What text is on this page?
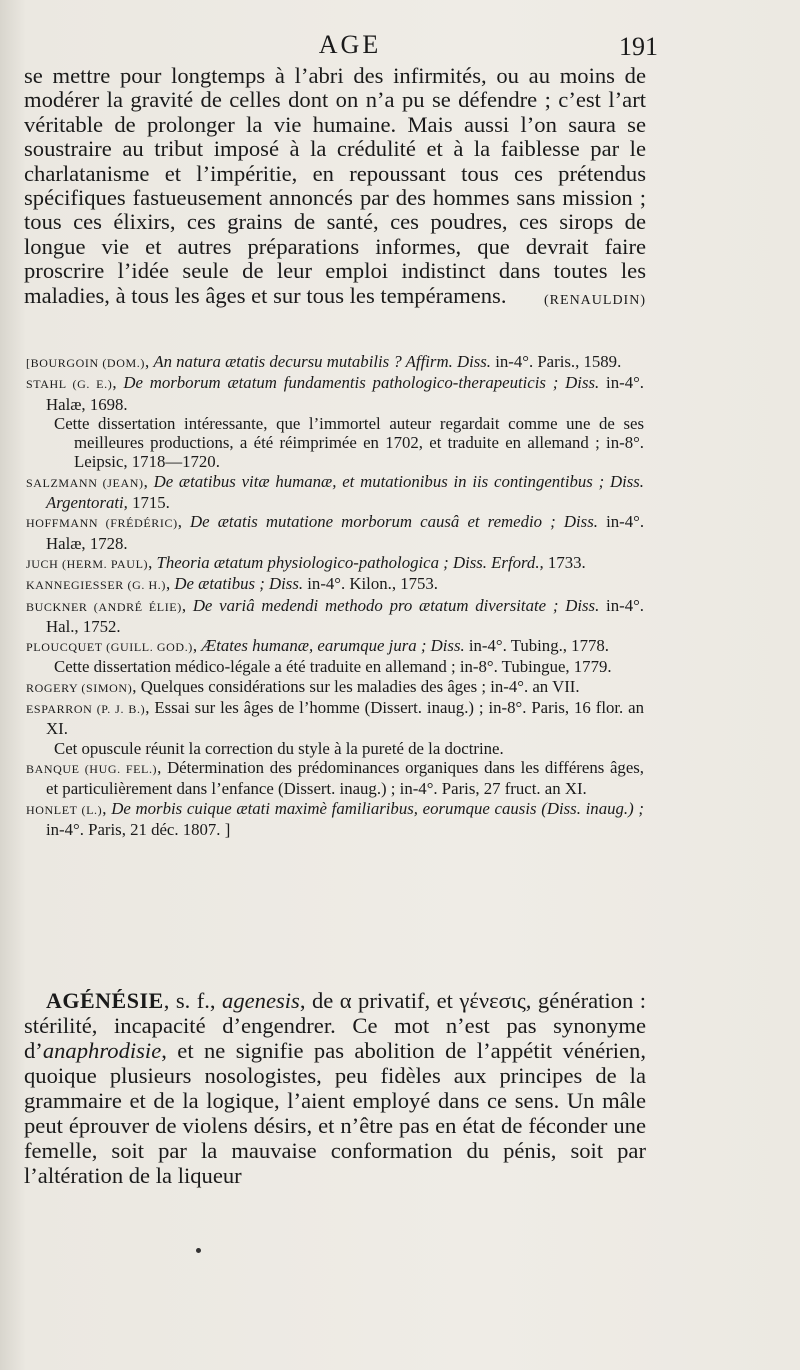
AGE	191
se mettre pour longtemps à l’abri des infirmités, ou au moins de modérer la gravité de celles dont on n’a pu se défendre ; c’est l’art véritable de prolonger la vie humaine. Mais aussi l’on saura se soustraire au tribut imposé à la crédulité et à la faiblesse par le charlatanisme et l’impéritie, en repoussant tous ces prétendus spécifiques fastueusement annoncés par des hommes sans mission ; tous ces élixirs, ces grains de santé, ces poudres, ces sirops de longue vie et autres préparations informes, que devrait faire proscrire l’idée seule de leur emploi indistinct dans toutes les maladies, à tous les âges et sur tous les tempéramens.	(RENAULDIN)
[BOURGOIN (DOM.), An natura ætatis decursu mutabilis ? Affirm. Diss. in-4°. Paris., 1589.
STAHL (G. E.), De morborum ætatum fundamentis pathologico-therapeuticis ; Diss. in-4°. Halæ, 1698.
Cette dissertation intéressante, que l’immortel auteur regardait comme une de ses meilleures productions, a été réimprimée en 1702, et traduite en allemand ; in-8°. Leipsic, 1718—1720.
SALZMANN (JEAN), De ætatibus vitæ humanæ, et mutationibus in iis contingentibus ; Diss. Argentorati, 1715.
HOFFMANN (FRÉDÉRIC), De ætatis mutatione morborum causâ et remedio ; Diss. in-4°. Halæ, 1728.
JUCH (HERM. PAUL), Theoria ætatum physiologico-pathologica ; Diss. Erford., 1733.
KANNEGIESSER (G. H.), De ætatibus ; Diss. in-4°. Kilon., 1753.
BUCKNER (ANDRÉ ÉLIE), De variâ medendi methodo pro ætatum diversitate ; Diss. in-4°. Hal., 1752.
PLOUCQUET (GUILL. GOD.), Ætates humanæ, earumque jura ; Diss. in-4°. Tubing., 1778.
Cette dissertation médico-légale a été traduite en allemand ; in-8°. Tubingue, 1779.
ROGERY (SIMON), Quelques considérations sur les maladies des âges ; in-4°. an VII.
ESPARRON (P. J. B.), Essai sur les âges de l’homme (Dissert. inaug.) ; in-8°. Paris, 16 flor. an XI.
Cet opuscule réunit la correction du style à la pureté de la doctrine.
BANQUE (HUG. FEL.), Détermination des prédominances organiques dans les différens âges, et particulièrement dans l’enfance (Dissert. inaug.) ; in-4°. Paris, 27 fruct. an XI.
HONLET (L.), De morbis cuique ætati maximè familiaribus, eorumque causis (Diss. inaug.) ; in-4°. Paris, 21 déc. 1807. ]
AGÉNÉSIE, s. f., agenesis, de α privatif, et γένεσις, génération : stérilité, incapacité d’engendrer. Ce mot n’est pas synonyme d’anaphrodisie, et ne signifie pas abolition de l’appétit vénérien, quoique plusieurs nosologistes, peu fidèles aux principes de la grammaire et de la logique, l’aient employé dans ce sens. Un mâle peut éprouver de violens désirs, et n’être pas en état de féconder une femelle, soit par la mauvaise conformation du pénis, soit par l’altération de la liqueur
